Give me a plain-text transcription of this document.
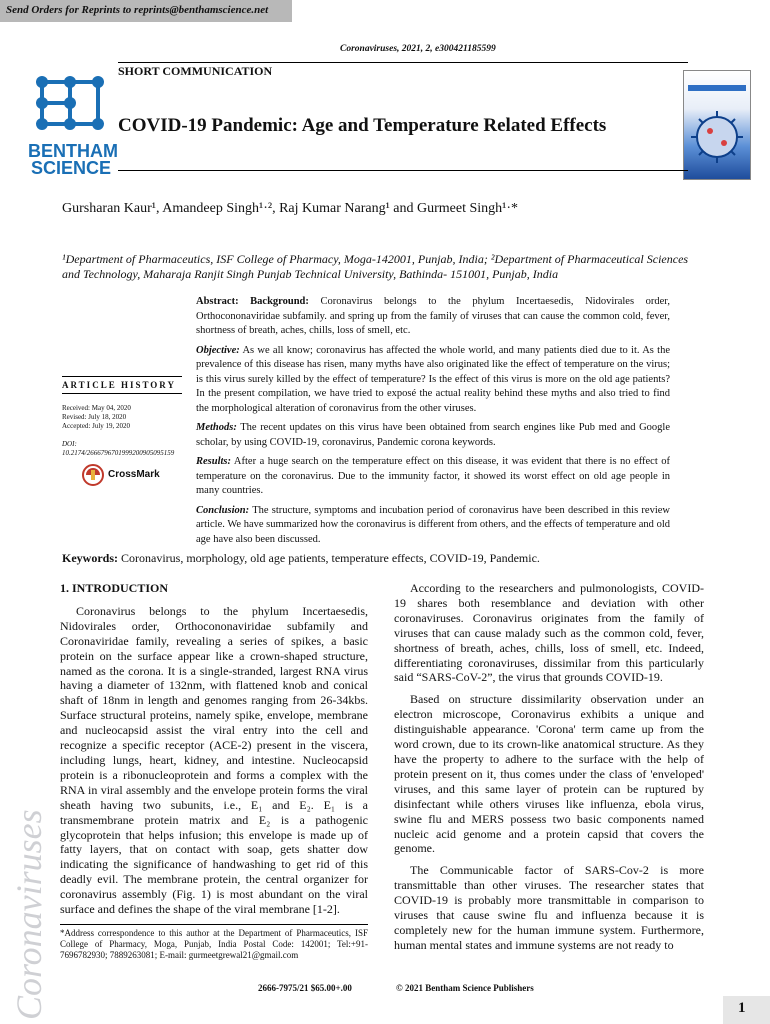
Send Orders for Reprints to reprints@benthamscience.net
Coronaviruses, 2021, 2, e300421185599
SHORT COMMUNICATION
BENTHAM
SCIENCE
COVID-19 Pandemic: Age and Temperature Related Effects
Gursharan Kaur¹, Amandeep Singh¹·², Raj Kumar Narang¹ and Gurmeet Singh¹·*
¹Department of Pharmaceutics, ISF College of Pharmacy, Moga-142001, Punjab, India; ²Department of Pharmaceutical Sciences and Technology, Maharaja Ranjit Singh Punjab Technical University, Bathinda- 151001, Punjab, India

Abstract: Background: Coronavirus belongs to the phylum Incertaesedis, Nidovirales order, Orthocononaviridae subfamily. and spring up from the family of viruses that can cause the common cold, fever, shortness of breath, aches, chills, loss of smell, etc.

Objective: As we all know; coronavirus has affected the whole world, and many patients died due to it. As the prevalence of this disease has risen, many myths have also originated like the effect of temperature on the virus; is this virus surely killed by the effect of temperature? Is the effect of this virus is more on the old age patients? In the present compilation, we have tried to exposé the actual reality behind these myths and also tried to find the morphological alteration of coronavirus from the other viruses.

Methods: The recent updates on this virus have been obtained from search engines like Pub med and Google scholar, by using COVID-19, coronavirus, Pandemic corona keywords.

Results: After a huge search on the temperature effect on this disease, it was evident that there is no effect of temperature on the coronavirus. Due to the immunity factor, it showed its worst effect on old age people in many countries.

Conclusion: The structure, symptoms and incubation period of coronavirus have been described in this review article. We have summarized how the coronavirus is different from others, and the effects of temperature and old age have also been discussed.

ARTICLE HISTORY
Received: May 04, 2020
Revised: July 18, 2020
Accepted: July 19, 2020
DOI:
10.2174/2666796701999200905095159
CrossMark
Keywords: Coronavirus, morphology, old age patients, temperature effects, COVID-19, Pandemic.
1. INTRODUCTION

Coronavirus belongs to the phylum Incertaesedis, Nidovirales order, Orthocononaviridae subfamily and Coronaviridae family, revealing a series of spikes, a basic protein on the surface appear like a crown-shaped structure, named as the corona. It is a single-stranded, largest RNA virus having a diameter of 132nm, with flattened knob and conical shaft of 18nm in length and genomes ranging from 26-34kbs. Surface structural proteins, namely spike, envelope, membrane and nucleocapsid assist the viral entry into the cell and recognize a specific receptor (ACE-2) present in the viscera, including lungs, heart, kidney, and intestine. Nucleocapsid protein is a ribonucleoprotein and forms a complex with the RNA in viral assembly and the envelope protein forms the viral sheath having two subunits, i.e., E₁ and E₂. E₁ is a transmembrane protein matrix and E₂ is a pathogenic glycoprotein that helps infusion; this envelope is made up of fatty layers, that on contact with soap, gets shatter dow indicating the significance of handwashing to get rid of this deadly evil. The membrane protein, the central organizer for coronavirus assembly (Fig. 1) is most abundant on the viral surface and defines the shape of the viral membrane [1-2].

According to the researchers and pulmonologists, COVID-19 shares both resemblance and deviation with other coronaviruses. Coronavirus originates from the family of viruses that can cause malady such as the common cold, fever, shortness of breath, aches, chills, loss of smell, etc. Indeed, differentiating coronaviruses, dissimilar from this particularly said “SARS-CoV-2”, the virus that grounds COVID-19.

Based on structure dissimilarity observation under an electron microscope, Coronavirus exhibits a unique and distinguishable appearance. 'Corona' term came up from the word crown, due to its crown-like anatomical structure. As they have the property to adhere to the surface with the help of protein present on it, thus comes under the class of 'enveloped' viruses, and this same layer of protein can be ruptured by disinfectant while others viruses like influenza, ebola virus, swine flu and MERS possess two basic components named nucleic acid genome and a protein capsid that covers the genome.

The Communicable factor of SARS-Cov-2 is more transmittable than other viruses. The researcher states that COVID-19 is probably more transmittable in comparison to viruses that cause swine flu and influenza because it is completely new for the human immune system. Furthermore, human mental states and immune systems are not ready to

*Address correspondence to this author at the Department of Pharmaceutics, ISF College of Pharmacy, Moga, Punjab, India Postal Code: 142001; Tel:+91-7696782930; 7889263081; E-mail: gurmeetgrewal21@gmail.com
2666-7975/21 $65.00+.00	© 2021 Bentham Science Publishers
Coronaviruses	1
